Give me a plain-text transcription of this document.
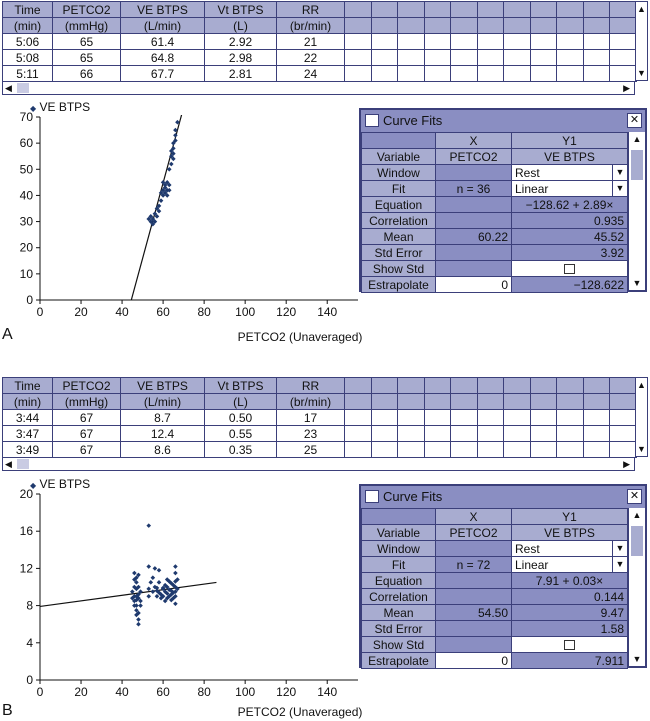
Time	PETCO2	VE BTPS	Vt BTPS	RR											
(min)	(mmHg)	(L/min)	(L)	(br/min)											
5:06	65	61.4	2.92	21											
5:08	65	64.8	2.98	22											
5:11	66	67.7	2.81	24											
▲
▼
◀	▶
◆ VE BTPS
0	20 40 60 80 100 120 140
0
10
20
30
40
50
60
70
PETCO2 (Unaveraged)
A
Curve Fits	✕
	X	Y1
Variable	PETCO2	VE BTPS
Window		Rest ▼

Fit	n = 36	Linear ▼

Equation		−128.62 + 2.89×
Correlation		0.935
Mean	60.22	45.52
Std Error		3.92
Show Std		
Estrapolate	0	−128.622
▲
▼
Time	PETCO2	VE BTPS	Vt BTPS	RR											
(min)	(mmHg)	(L/min)	(L)	(br/min)											
3:44	67	8.7	0.50	17											
3:47	67	12.4	0.55	23											
3:49	67	8.6	0.35	25											
▲
▼
◀	▶
◆ VE BTPS
0	20 40 60 80 100 120 140
0
4
8
12
16
20
PETCO2 (Unaveraged)
B
Curve Fits	✕
	X	Y1
Variable	PETCO2	VE BTPS
Window		Rest ▼

Fit	n = 72	Linear ▼

Equation		7.91 + 0.03×
Correlation		0.144
Mean	54.50	9.47
Std Error		1.58
Show Std		
Estrapolate	0	7.911
▲
▼
